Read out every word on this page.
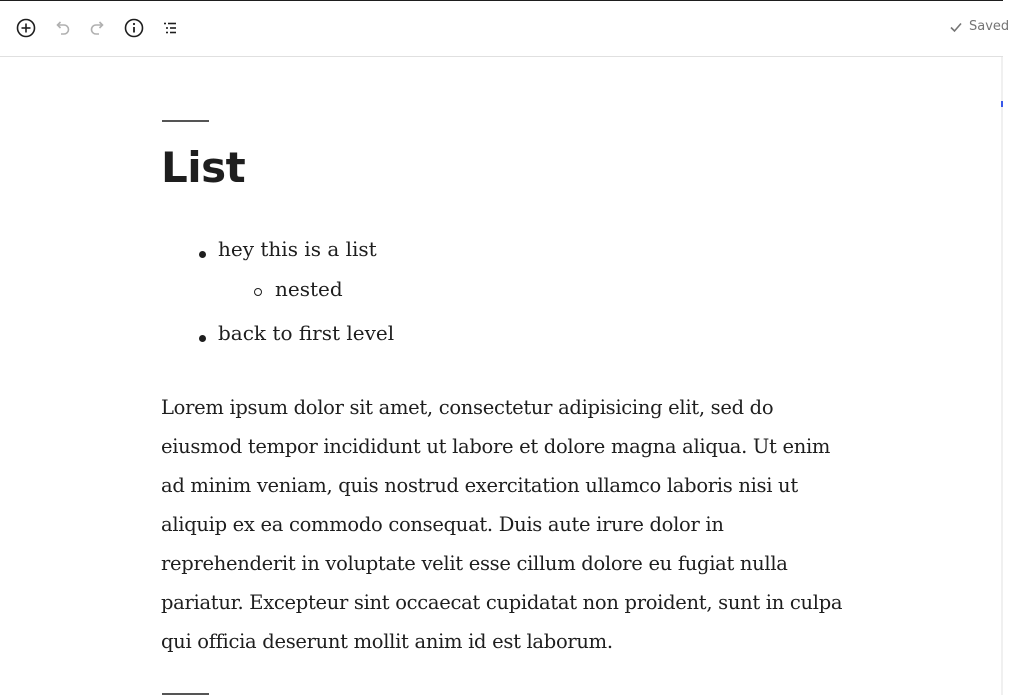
Saved
List
hey this is a list
nested
back to first level

Lorem ipsum dolor sit amet, consectetur adipisicing elit, sed do eiusmod tempor incididunt ut labore et dolore magna aliqua. Ut enim ad minim veniam, quis nostrud exercitation ullamco laboris nisi ut aliquip ex ea commodo consequat. Duis aute irure dolor in reprehenderit in voluptate velit esse cillum dolore eu fugiat nulla pariatur. Excepteur sint occaecat cupidatat non proident, sunt in culpa qui officia deserunt mollit anim id est laborum.
